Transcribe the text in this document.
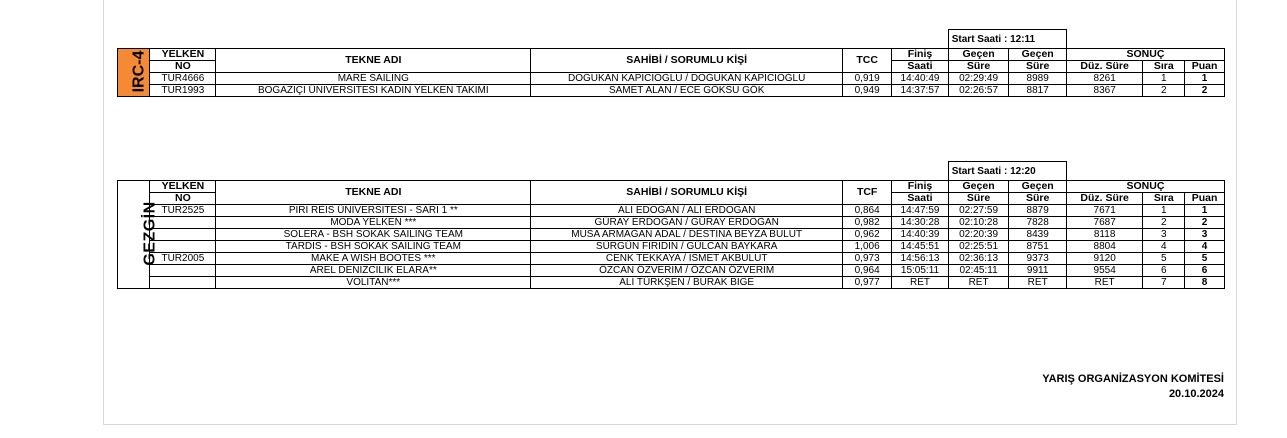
						Start Saati : 12:11				
IRC-4	YELKEN	TEKNE ADI	SAHİBİ / SORUMLU KİŞİ	TCC	Finiş	Geçen	Geçen	SONUÇ		
	NO				Saati	Süre	Süre	Düz. Süre	Sıra	Puan
	TUR4666	MARE SAILING	DOĞUKAN KAPICIOĞLU / DOĞUKAN KAPICIOĞLU	0,919	14:40:49	02:29:49	8989	8261	1	1
	TUR1993	BOĞAZİÇİ ÜNİVERSİTESİ KADIN YELKEN TAKIMI	SAMET ALAN / ECE GÖKSU GÖK	0,949	14:37:57	02:26:57	8817	8367	2	2
						Start Saati : 12:20				
GEZGİN	YELKEN	TEKNE ADI	SAHİBİ / SORUMLU KİŞİ	TCF	Finiş	Geçen	Geçen	SONUÇ		
	NO				Saati	Süre	Süre	Düz. Süre	Sıra	Puan
	TUR2525	PİRİ REİS ÜNİVERSİTESİ - SARI 1 **	ALİ EDOĞAN / ALİ ERDOĞAN	0,864	14:47:59	02:27:59	8879	7671	1	1
		MODA YELKEN ***	GÜRAY ERDOĞAN / GÜRAY ERDOĞAN	0,982	14:30:28	02:10:28	7828	7687	2	2
		SOLERA - BSH SOKAK SAILING TEAM	MUSA ARMAĞAN ADAL / DESTİNA BEYZA BULUT	0,962	14:40:39	02:20:39	8439	8118	3	3
		TARDİS - BSH SOKAK SAILING TEAM	SÜRGÜN FİRİDİN / GÜLCAN BAYKARA	1,006	14:45:51	02:25:51	8751	8804	4	4
	TUR2005	MAKE A WISH BOOTES ***	CENK TEKKAYA / İSMET AKBULUT	0,973	14:56:13	02:36:13	9373	9120	5	5
		AREL DENİZCİLİK ELARA**	ÖZCAN ÖZVERİM / ÖZCAN ÖZVERİM	0,964	15:05:11	02:45:11	9911	9554	6	6
		VOLİTAN***	ALİ TÜRKŞEN / BURAK BİGE	0,977	RET	RET	RET	RET	7	8
YARIŞ ORGANİZASYON KOMİTESİ
20.10.2024
